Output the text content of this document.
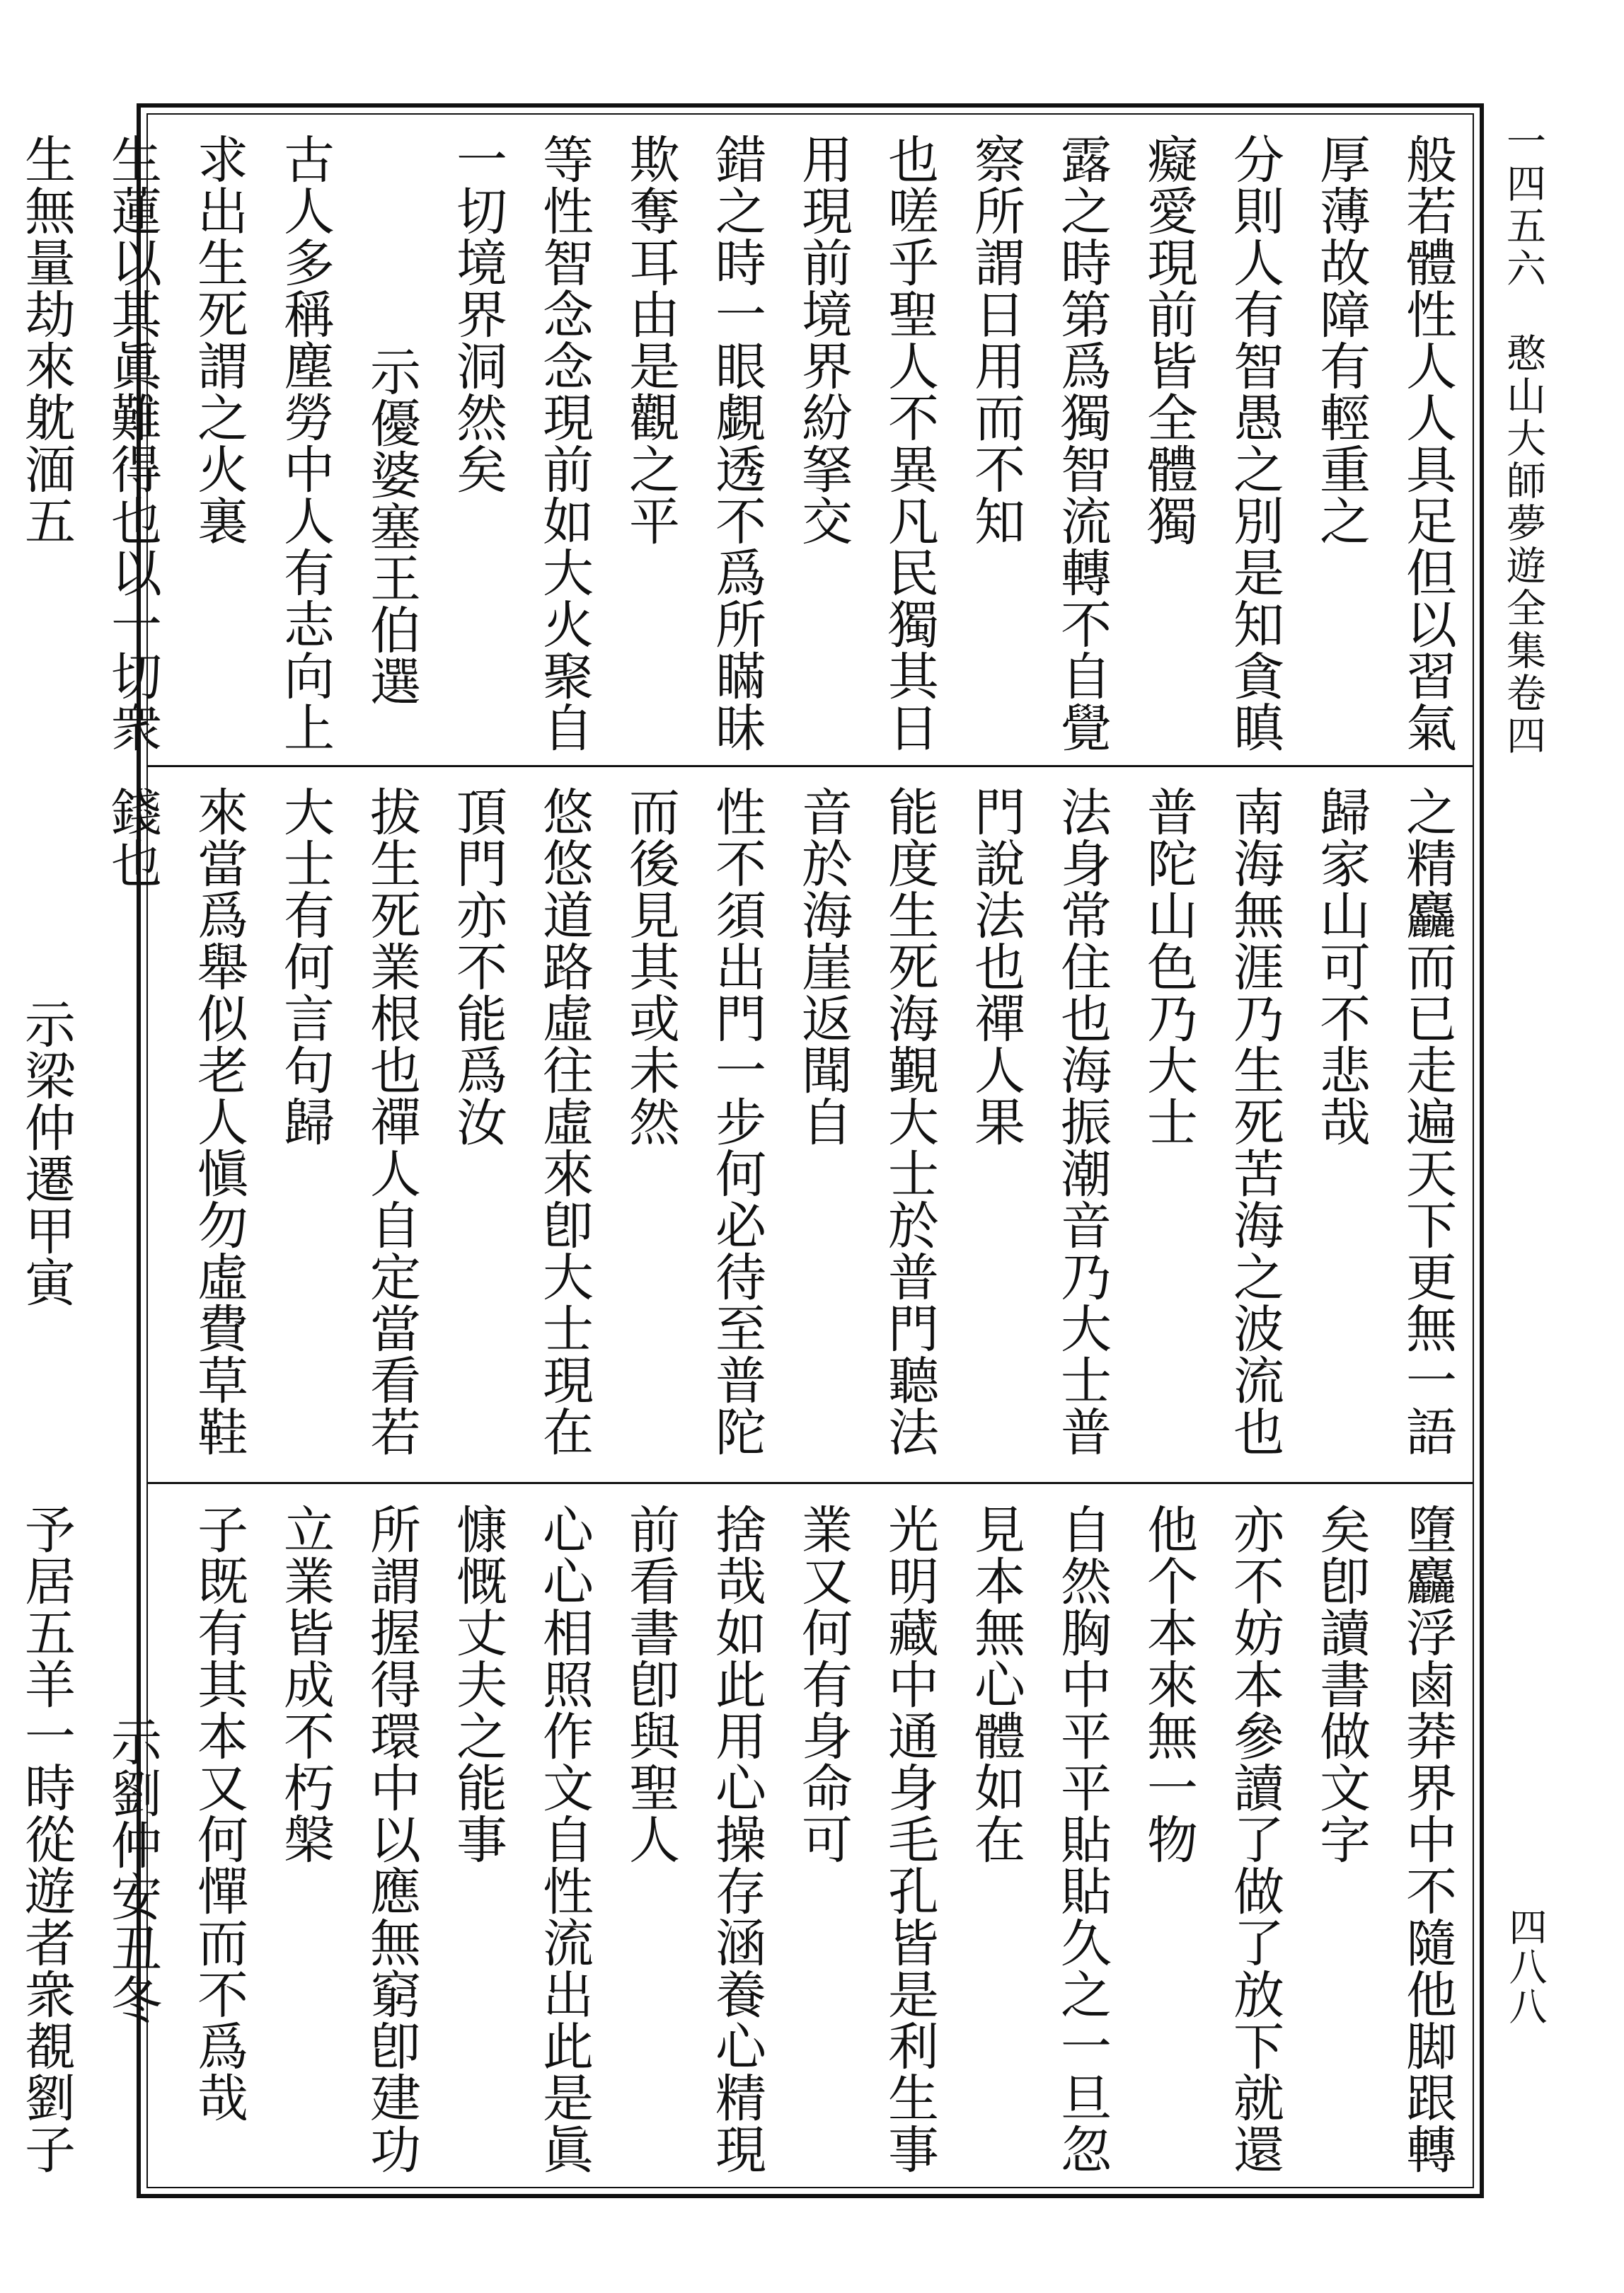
一四五六憨山大師夢遊全集卷四
四八八

般若體性人人具足但以習氣厚薄故障有輕重之

分則人有智愚之別是知貪瞋癡愛現前皆全體獨

露之時第爲獨智流轉不自覺察所謂日用而不知

也嗟乎聖人不異凡民獨其日用現前境界紛拏交

錯之時一眼覷透不爲所瞞昧欺奪耳由是觀之平

等性智念念現前如大火聚自一切境界洞然矣

示優婆塞王伯選

古人多稱塵勞中人有志向上求出生死謂之火裏

生蓮以其眞難得也以一切衆生無量劫來躭湎五

之精麤而已走遍天下更無一語歸家山可不悲哉

南海無涯乃生死苦海之波流也普陀山色乃大士

法身常住也海振潮音乃大士普門說法也禪人果

能度生死海覲大士於普門聽法音於海崖返聞自

性不須出門一步何必待至普陀而後見其或未然

悠悠道路虛往虛來卽大士現在頂門亦不能爲汝

拔生死業根也禪人自定當看若大士有何言句歸

來當爲舉似老人愼勿虛費草鞋錢也

示梁仲遷甲寅

墮麤浮鹵莽界中不隨他脚跟轉矣卽讀書做文字

亦不妨本參讀了做了放下就還他个本來無一物

自然胸中平平貼貼久之一旦忽見本無心體如在

光明藏中通身毛孔皆是利生事業又何有身命可

捨哉如此用心操存涵養心精現前看書卽與聖人

心心相照作文自性流出此是眞慷慨丈夫之能事

所謂握得環中以應無窮卽建功立業皆成不朽槃

子既有其本又何憚而不爲哉

示劉仲安丑冬

予居五羊一時從遊者衆覩劉子
